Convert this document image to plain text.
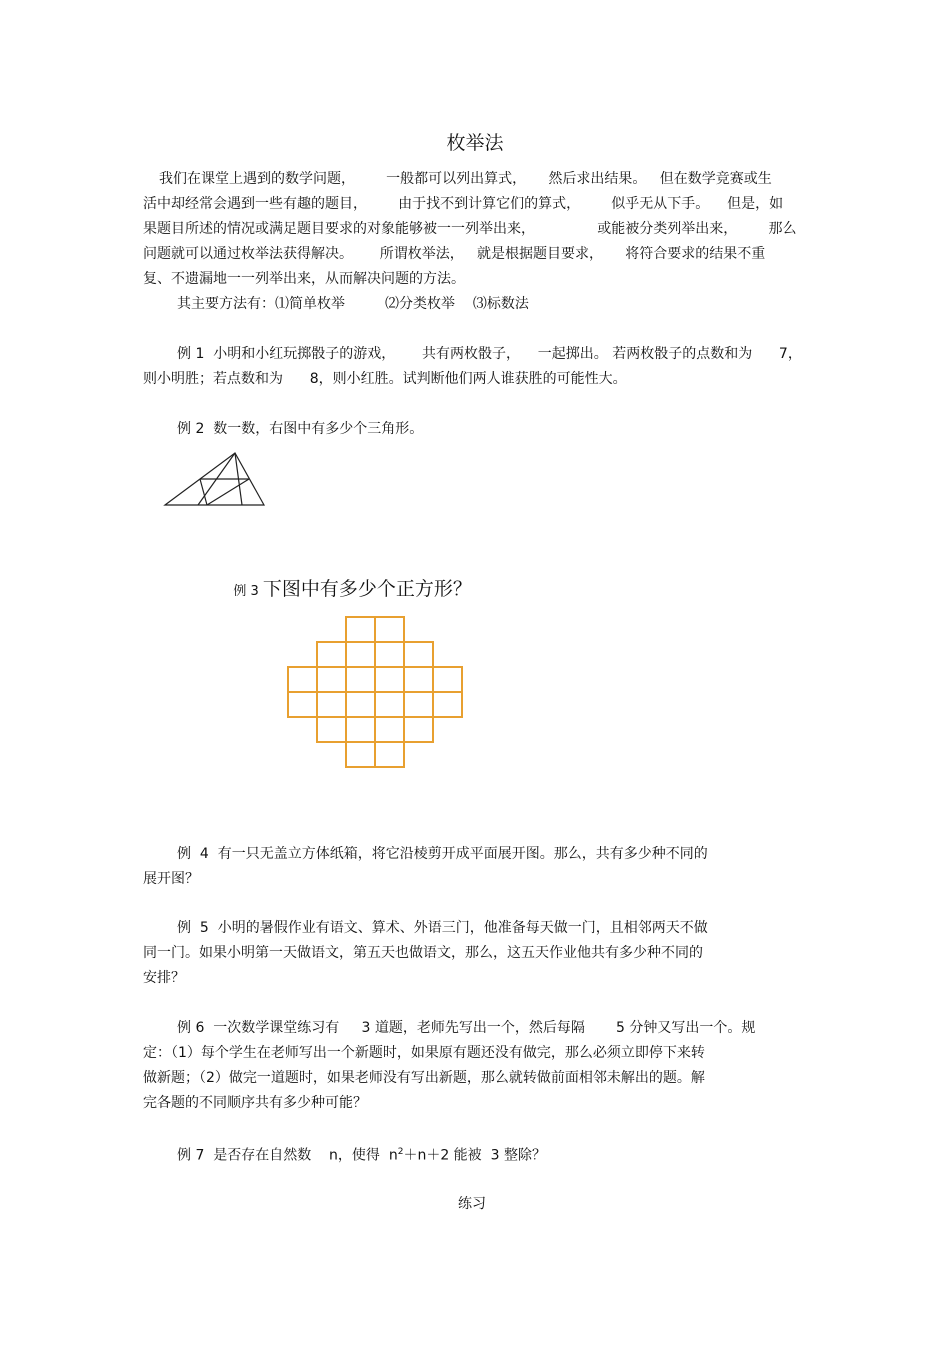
枚举法
我们在课堂上遇到的数学问题，       一般都可以列出算式，     然后求出结果。   但在数学竞赛或生
活中却经常会遇到一些有趣的题目，       由于找不到计算它们的算式，       似乎无从下手。    但是，如
果题目所述的情况或满足题目要求的对象能够被一一列举出来，              或能被分类列举出来，       那么
问题就可以通过枚举法获得解决。      所谓枚举法，   就是根据题目要求，     将符合要求的结果不重
复、不遗漏地一一列举出来，从而解决问题的方法。
其主要方法有：⑴简单枚举         ⑵分类枚举    ⑶标数法
例 1  小明和小红玩掷骰子的游戏，      共有两枚骰子，    一起掷出。 若两枚骰子的点数和为      7，
则小明胜；若点数和为      8，则小红胜。试判断他们两人谁获胜的可能性大。
例 2  数一数，右图中有多少个三角形。

例 3 下图中有多少个正方形？

例  4  有一只无盖立方体纸箱，将它沿棱剪开成平面展开图。那么，共有多少种不同的
展开图？
例  5  小明的暑假作业有语文、算术、外语三门，他准备每天做一门，且相邻两天不做
同一门。如果小明第一天做语文，第五天也做语文，那么，这五天作业他共有多少种不同的
安排？
例 6  一次数学课堂练习有     3 道题，老师先写出一个，然后每隔       5 分钟又写出一个。规
定：（1）每个学生在老师写出一个新题时，如果原有题还没有做完，那么必须立即停下来转
做新题；（2）做完一道题时，如果老师没有写出新题，那么就转做前面相邻未解出的题。解
完各题的不同顺序共有多少种可能？
例 7  是否存在自然数    n，使得  $n^2+n+2$ 能被  3 整除？
练习
